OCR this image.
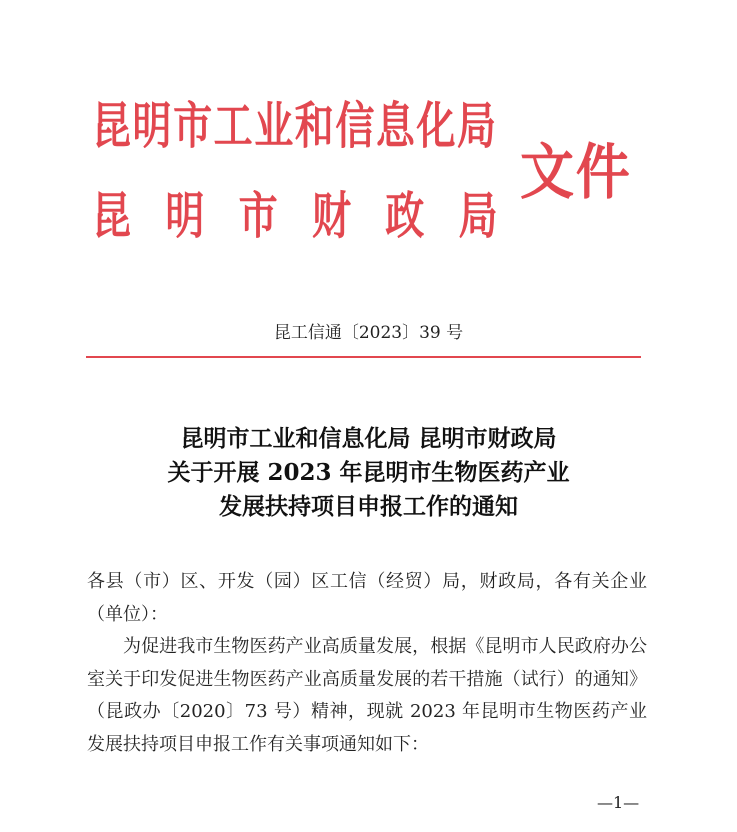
昆明市工业和信息化局
昆明市财政局
文件
昆工信通〔2023〕39 号
昆明市工业和信息化局 昆明市财政局
关于开展 2023 年昆明市生物医药产业
发展扶持项目申报工作的通知

各县（市）区、开发（园）区工信（经贸）局，财政局，各有关企业（单位）：

为促进我市生物医药产业高质量发展，根据《昆明市人民政府办公室关于印发促进生物医药产业高质量发展的若干措施（试行）的通知》（昆政办〔2020〕73 号）精神，现就 2023 年昆明市生物医药产业发展扶持项目申报工作有关事项通知如下：

—1—
